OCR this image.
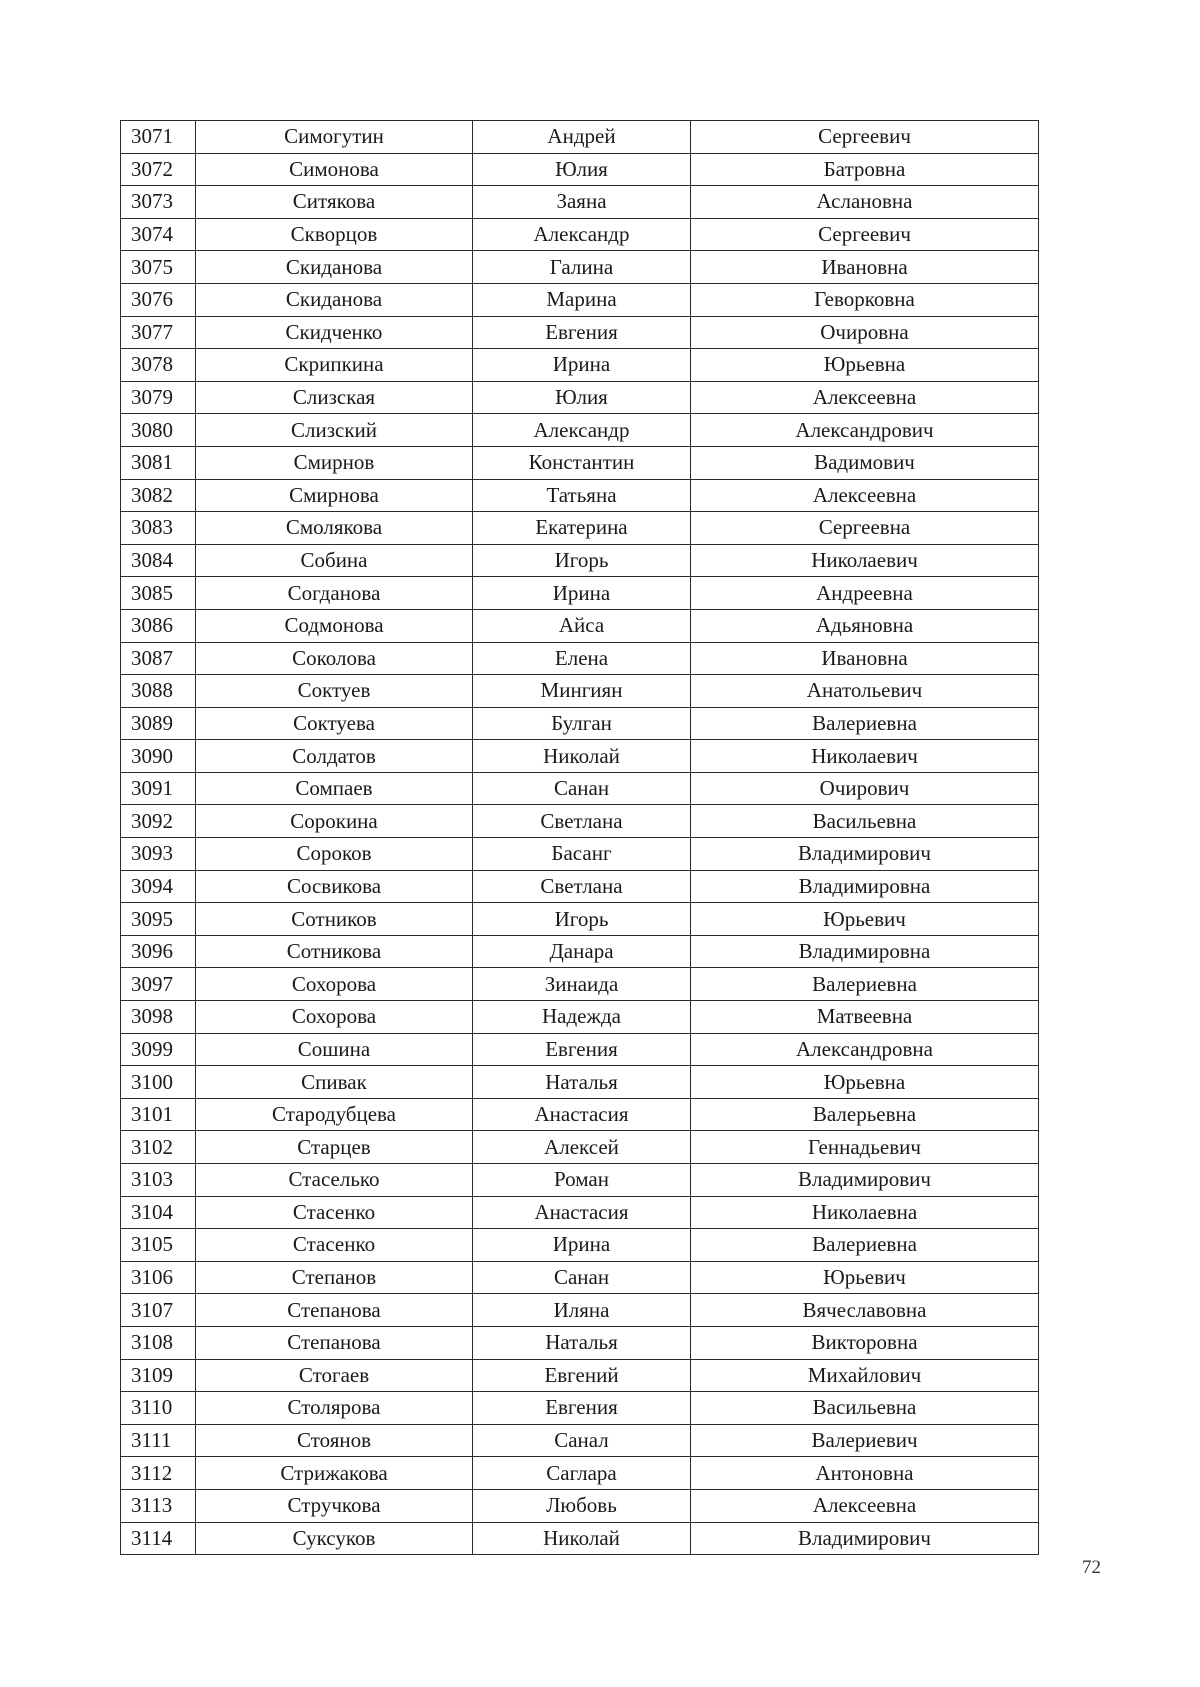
3071	Симогутин	Андрей	Сергеевич
3072	Симонова	Юлия	Батровна
3073	Ситякова	Заяна	Аслановна
3074	Скворцов	Александр	Сергеевич
3075	Скиданова	Галина	Ивановна
3076	Скиданова	Марина	Геворковна
3077	Скидченко	Евгения	Очировна
3078	Скрипкина	Ирина	Юрьевна
3079	Слизская	Юлия	Алексеевна
3080	Слизский	Александр	Александрович
3081	Смирнов	Константин	Вадимович
3082	Смирнова	Татьяна	Алексеевна
3083	Смолякова	Екатерина	Сергеевна
3084	Собина	Игорь	Николаевич
3085	Согданова	Ирина	Андреевна
3086	Содмонова	Айса	Адьяновна
3087	Соколова	Елена	Ивановна
3088	Соктуев	Мингиян	Анатольевич
3089	Соктуева	Булган	Валериевна
3090	Солдатов	Николай	Николаевич
3091	Сомпаев	Санан	Очирович
3092	Сорокина	Светлана	Васильевна
3093	Сороков	Басанг	Владимирович
3094	Сосвикова	Светлана	Владимировна
3095	Сотников	Игорь	Юрьевич
3096	Сотникова	Данара	Владимировна
3097	Сохорова	Зинаида	Валериевна
3098	Сохорова	Надежда	Матвеевна
3099	Сошина	Евгения	Александровна
3100	Спивак	Наталья	Юрьевна
3101	Стародубцева	Анастасия	Валерьевна
3102	Старцев	Алексей	Геннадьевич
3103	Стаселько	Роман	Владимирович
3104	Стасенко	Анастасия	Николаевна
3105	Стасенко	Ирина	Валериевна
3106	Степанов	Санан	Юрьевич
3107	Степанова	Иляна	Вячеславовна
3108	Степанова	Наталья	Викторовна
3109	Стогаев	Евгений	Михайлович
3110	Столярова	Евгения	Васильевна
3111	Стоянов	Санал	Валериевич
3112	Стрижакова	Саглара	Антоновна
3113	Стручкова	Любовь	Алексеевна
3114	Суксуков	Николай	Владимирович
72
